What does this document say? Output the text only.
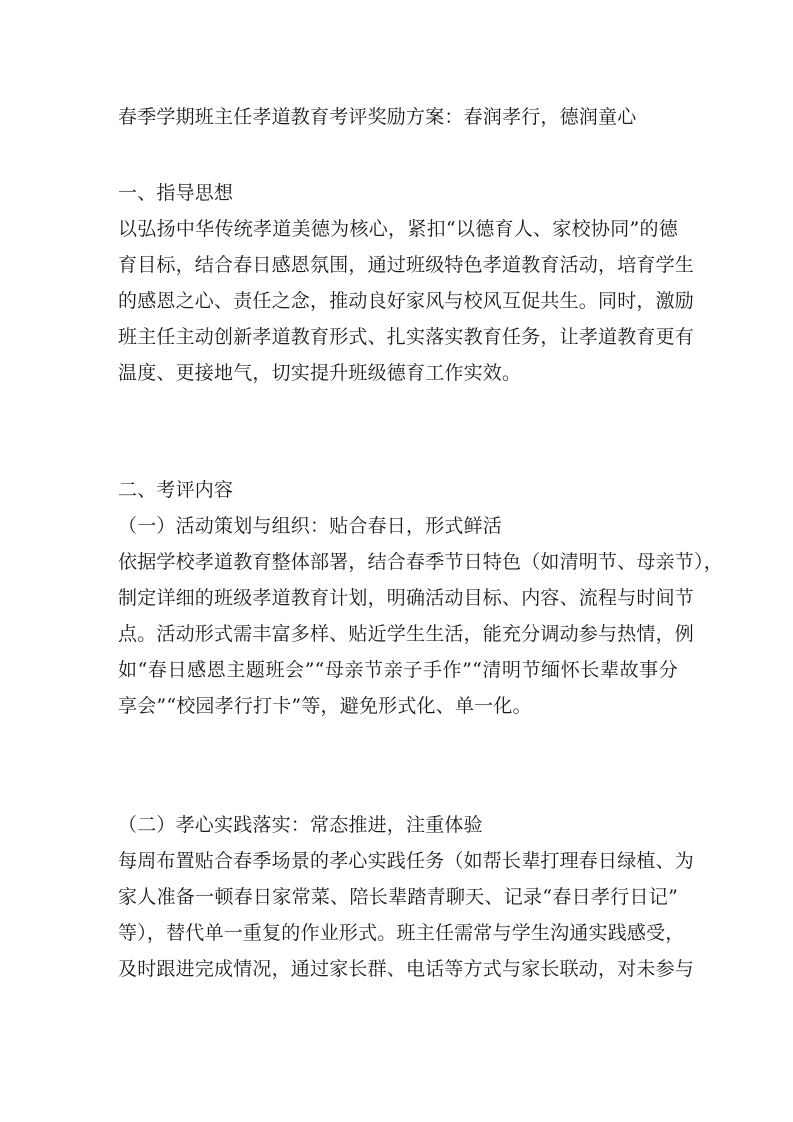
春季学期班主任孝道教育考评奖励方案：春润孝行，德润童心
一、指导思想
以弘扬中华传统孝道美德为核心，紧扣“以德育人、家校协同”的德
育目标，结合春日感恩氛围，通过班级特色孝道教育活动，培育学生
的感恩之心、责任之念，推动良好家风与校风互促共生。同时，激励
班主任主动创新孝道教育形式、扎实落实教育任务，让孝道教育更有
温度、更接地气，切实提升班级德育工作实效。
二、考评内容
（一）活动策划与组织：贴合春日，形式鲜活
依据学校孝道教育整体部署，结合春季节日特色（如清明节、母亲节），
制定详细的班级孝道教育计划，明确活动目标、内容、流程与时间节
点。活动形式需丰富多样、贴近学生生活，能充分调动参与热情，例
如“春日感恩主题班会”“母亲节亲子手作”“清明节缅怀长辈故事分
享会”“校园孝行打卡”等，避免形式化、单一化。
（二）孝心实践落实：常态推进，注重体验
每周布置贴合春季场景的孝心实践任务（如帮长辈打理春日绿植、为
家人准备一顿春日家常菜、陪长辈踏青聊天、记录“春日孝行日记”
等），替代单一重复的作业形式。班主任需常与学生沟通实践感受，
及时跟进完成情况，通过家长群、电话等方式与家长联动，对未参与
